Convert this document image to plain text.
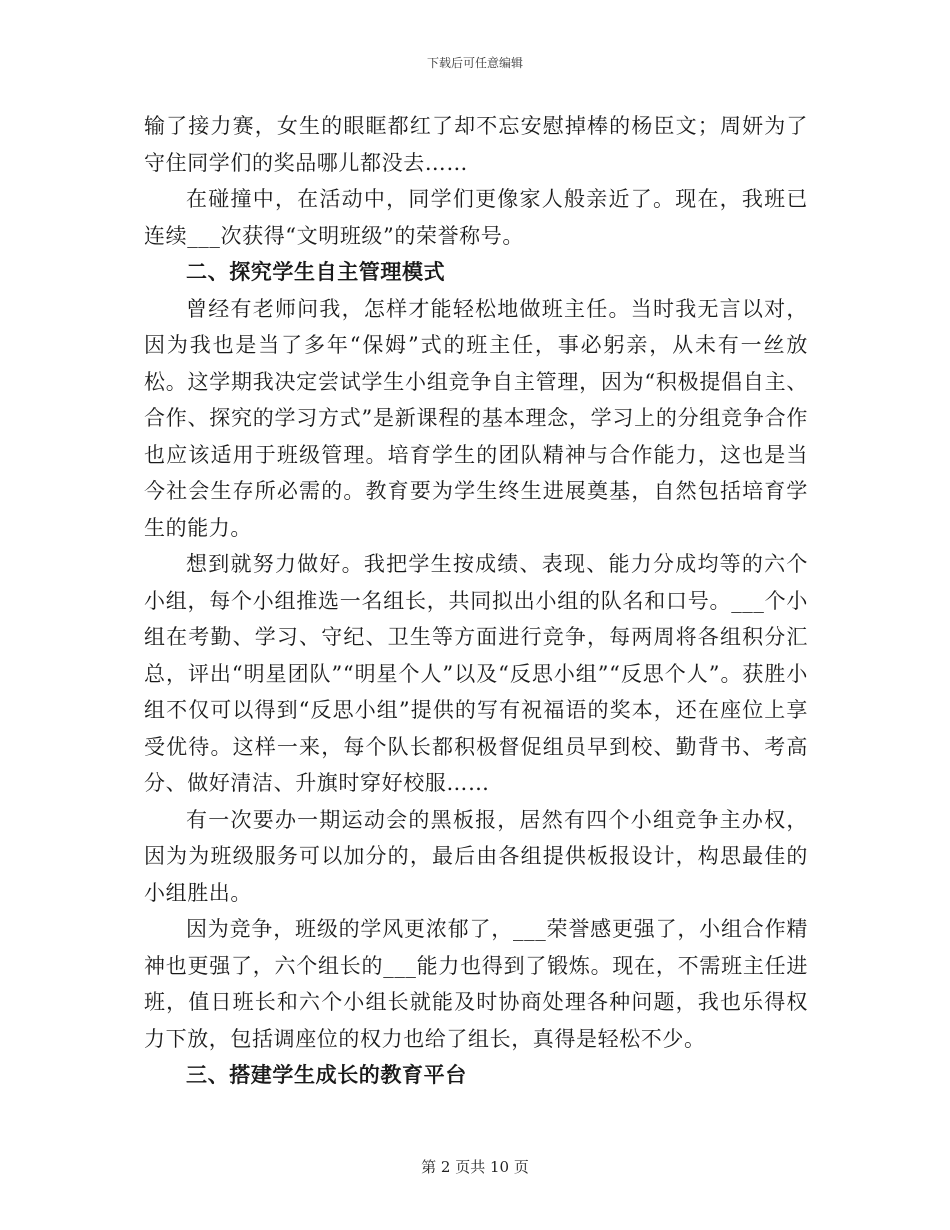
下载后可任意编辑

输了接力赛，女生的眼眶都红了却不忘安慰掉棒的杨臣文；周妍为了守住同学们的奖品哪儿都没去……

在碰撞中，在活动中，同学们更像家人般亲近了。现在，我班已连续___次获得“文明班级”的荣誉称号。

二、探究学生自主管理模式

曾经有老师问我，怎样才能轻松地做班主任。当时我无言以对，因为我也是当了多年“保姆”式的班主任，事必躬亲，从未有一丝放松。这学期我决定尝试学生小组竞争自主管理，因为“积极提倡自主、合作、探究的学习方式”是新课程的基本理念，学习上的分组竞争合作也应该适用于班级管理。培育学生的团队精神与合作能力，这也是当今社会生存所必需的。教育要为学生终生进展奠基，自然包括培育学生的能力。

想到就努力做好。我把学生按成绩、表现、能力分成均等的六个小组，每个小组推选一名组长，共同拟出小组的队名和口号。___个小组在考勤、学习、守纪、卫生等方面进行竞争，每两周将各组积分汇总，评出“明星团队”“明星个人”以及“反思小组”“反思个人”。获胜小组不仅可以得到“反思小组”提供的写有祝福语的奖本，还在座位上享受优待。这样一来，每个队长都积极督促组员早到校、勤背书、考高分、做好清洁、升旗时穿好校服……

有一次要办一期运动会的黑板报，居然有四个小组竞争主办权，因为为班级服务可以加分的，最后由各组提供板报设计，构思最佳的小组胜出。

因为竞争，班级的学风更浓郁了，___荣誉感更强了，小组合作精神也更强了，六个组长的___能力也得到了锻炼。现在，不需班主任进班，值日班长和六个小组长就能及时协商处理各种问题，我也乐得权力下放，包括调座位的权力也给了组长，真得是轻松不少。

三、搭建学生成长的教育平台

第 2 页共 10 页
